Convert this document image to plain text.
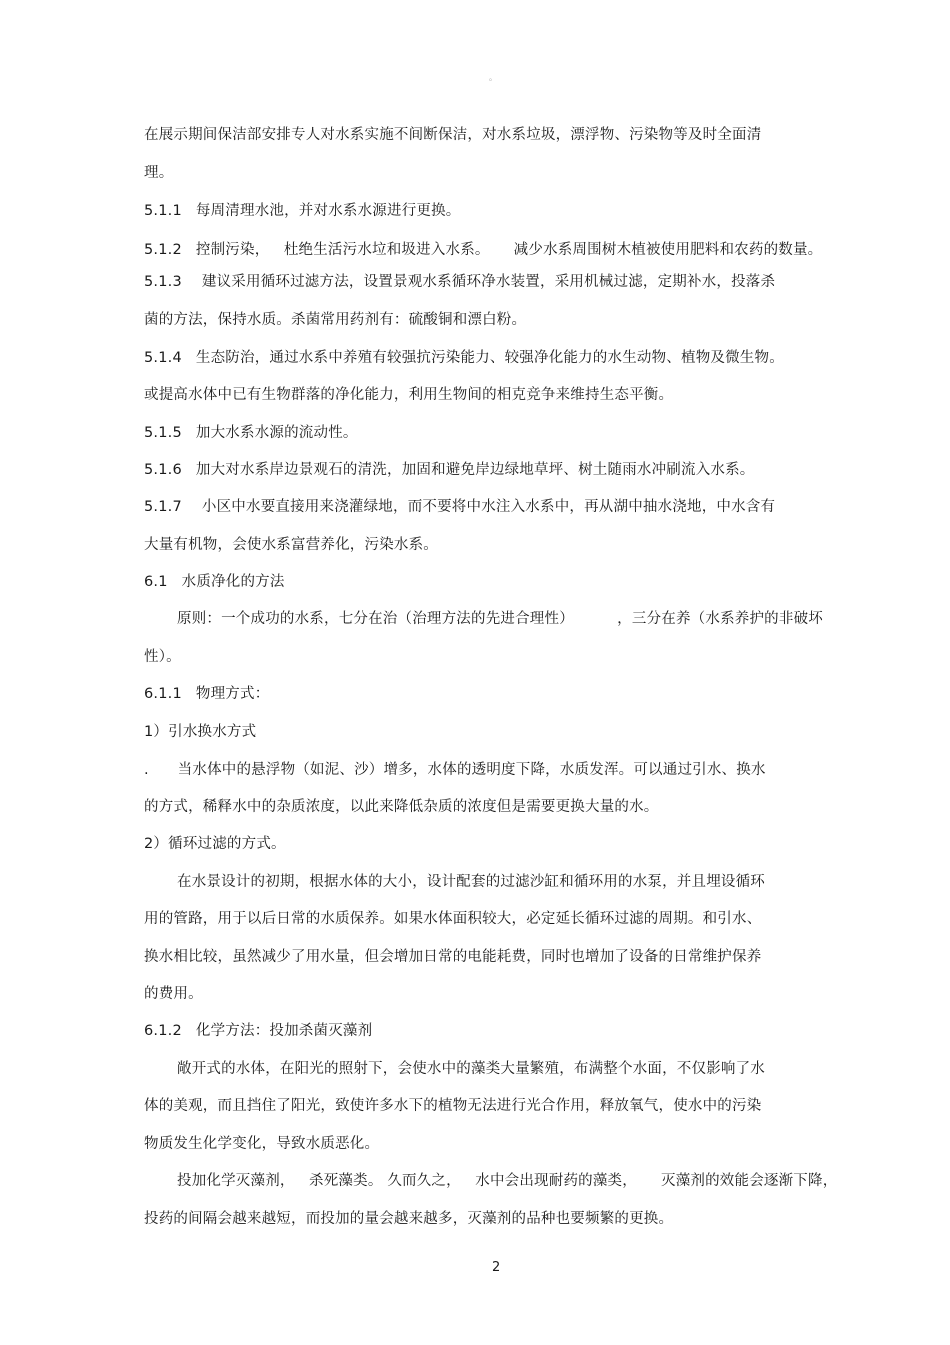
。
在展示期间保洁部安排专人对水系实施不间断保洁，对水系垃圾，漂浮物、污染物等及时全面清
理。
5.1.1 每周清理水池，并对水系水源进行更换。
5.1.2 控制污染，   杜绝生活污水垃和圾进入水系。     减少水系周围树木植被使用肥料和农药的数量。
5.1.3 建议采用循环过滤方法，设置景观水系循环净水装置，采用机械过滤，定期补水，投落杀
菌的方法，保持水质。杀菌常用药剂有：硫酸铜和漂白粉。
5.1.4 生态防治，通过水系中养殖有较强抗污染能力、较强净化能力的水生动物、植物及微生物。
或提高水体中已有生物群落的净化能力，利用生物间的相克竞争来维持生态平衡。
5.1.5 加大水系水源的流动性。
5.1.6 加大对水系岸边景观石的清洗，加固和避免岸边绿地草坪、树土随雨水冲刷流入水系。
5.1.7 小区中水要直接用来浇灌绿地，而不要将中水注入水系中，再从湖中抽水浇地，中水含有
大量有机物，会使水系富营养化，污染水系。
6.1 水质净化的方法
原则：一个成功的水系，七分在治（治理方法的先进合理性）         ，三分在养（水系养护的非破坏
性）。
6.1.1 物理方式：
1）引水换水方式
.      当水体中的悬浮物（如泥、沙）增多，水体的透明度下降，水质发浑。可以通过引水、换水
的方式，稀释水中的杂质浓度，以此来降低杂质的浓度但是需要更换大量的水。
2）循环过滤的方式。
在水景设计的初期，根据水体的大小，设计配套的过滤沙缸和循环用的水泵，并且埋设循环
用的管路，用于以后日常的水质保养。如果水体面积较大，必定延长循环过滤的周期。和引水、
换水相比较，虽然减少了用水量，但会增加日常的电能耗费，同时也增加了设备的日常维护保养
的费用。
6.1.2 化学方法：投加杀菌灭藻剂
敞开式的水体，在阳光的照射下，会使水中的藻类大量繁殖，布满整个水面，不仅影响了水
体的美观，而且挡住了阳光，致使许多水下的植物无法进行光合作用，释放氧气，使水中的污染
物质发生化学变化，导致水质恶化。
投加化学灭藻剂，   杀死藻类。 久而久之，   水中会出现耐药的藻类，     灭藻剂的效能会逐渐下降，
投药的间隔会越来越短，而投加的量会越来越多，灭藻剂的品种也要频繁的更换。
2
